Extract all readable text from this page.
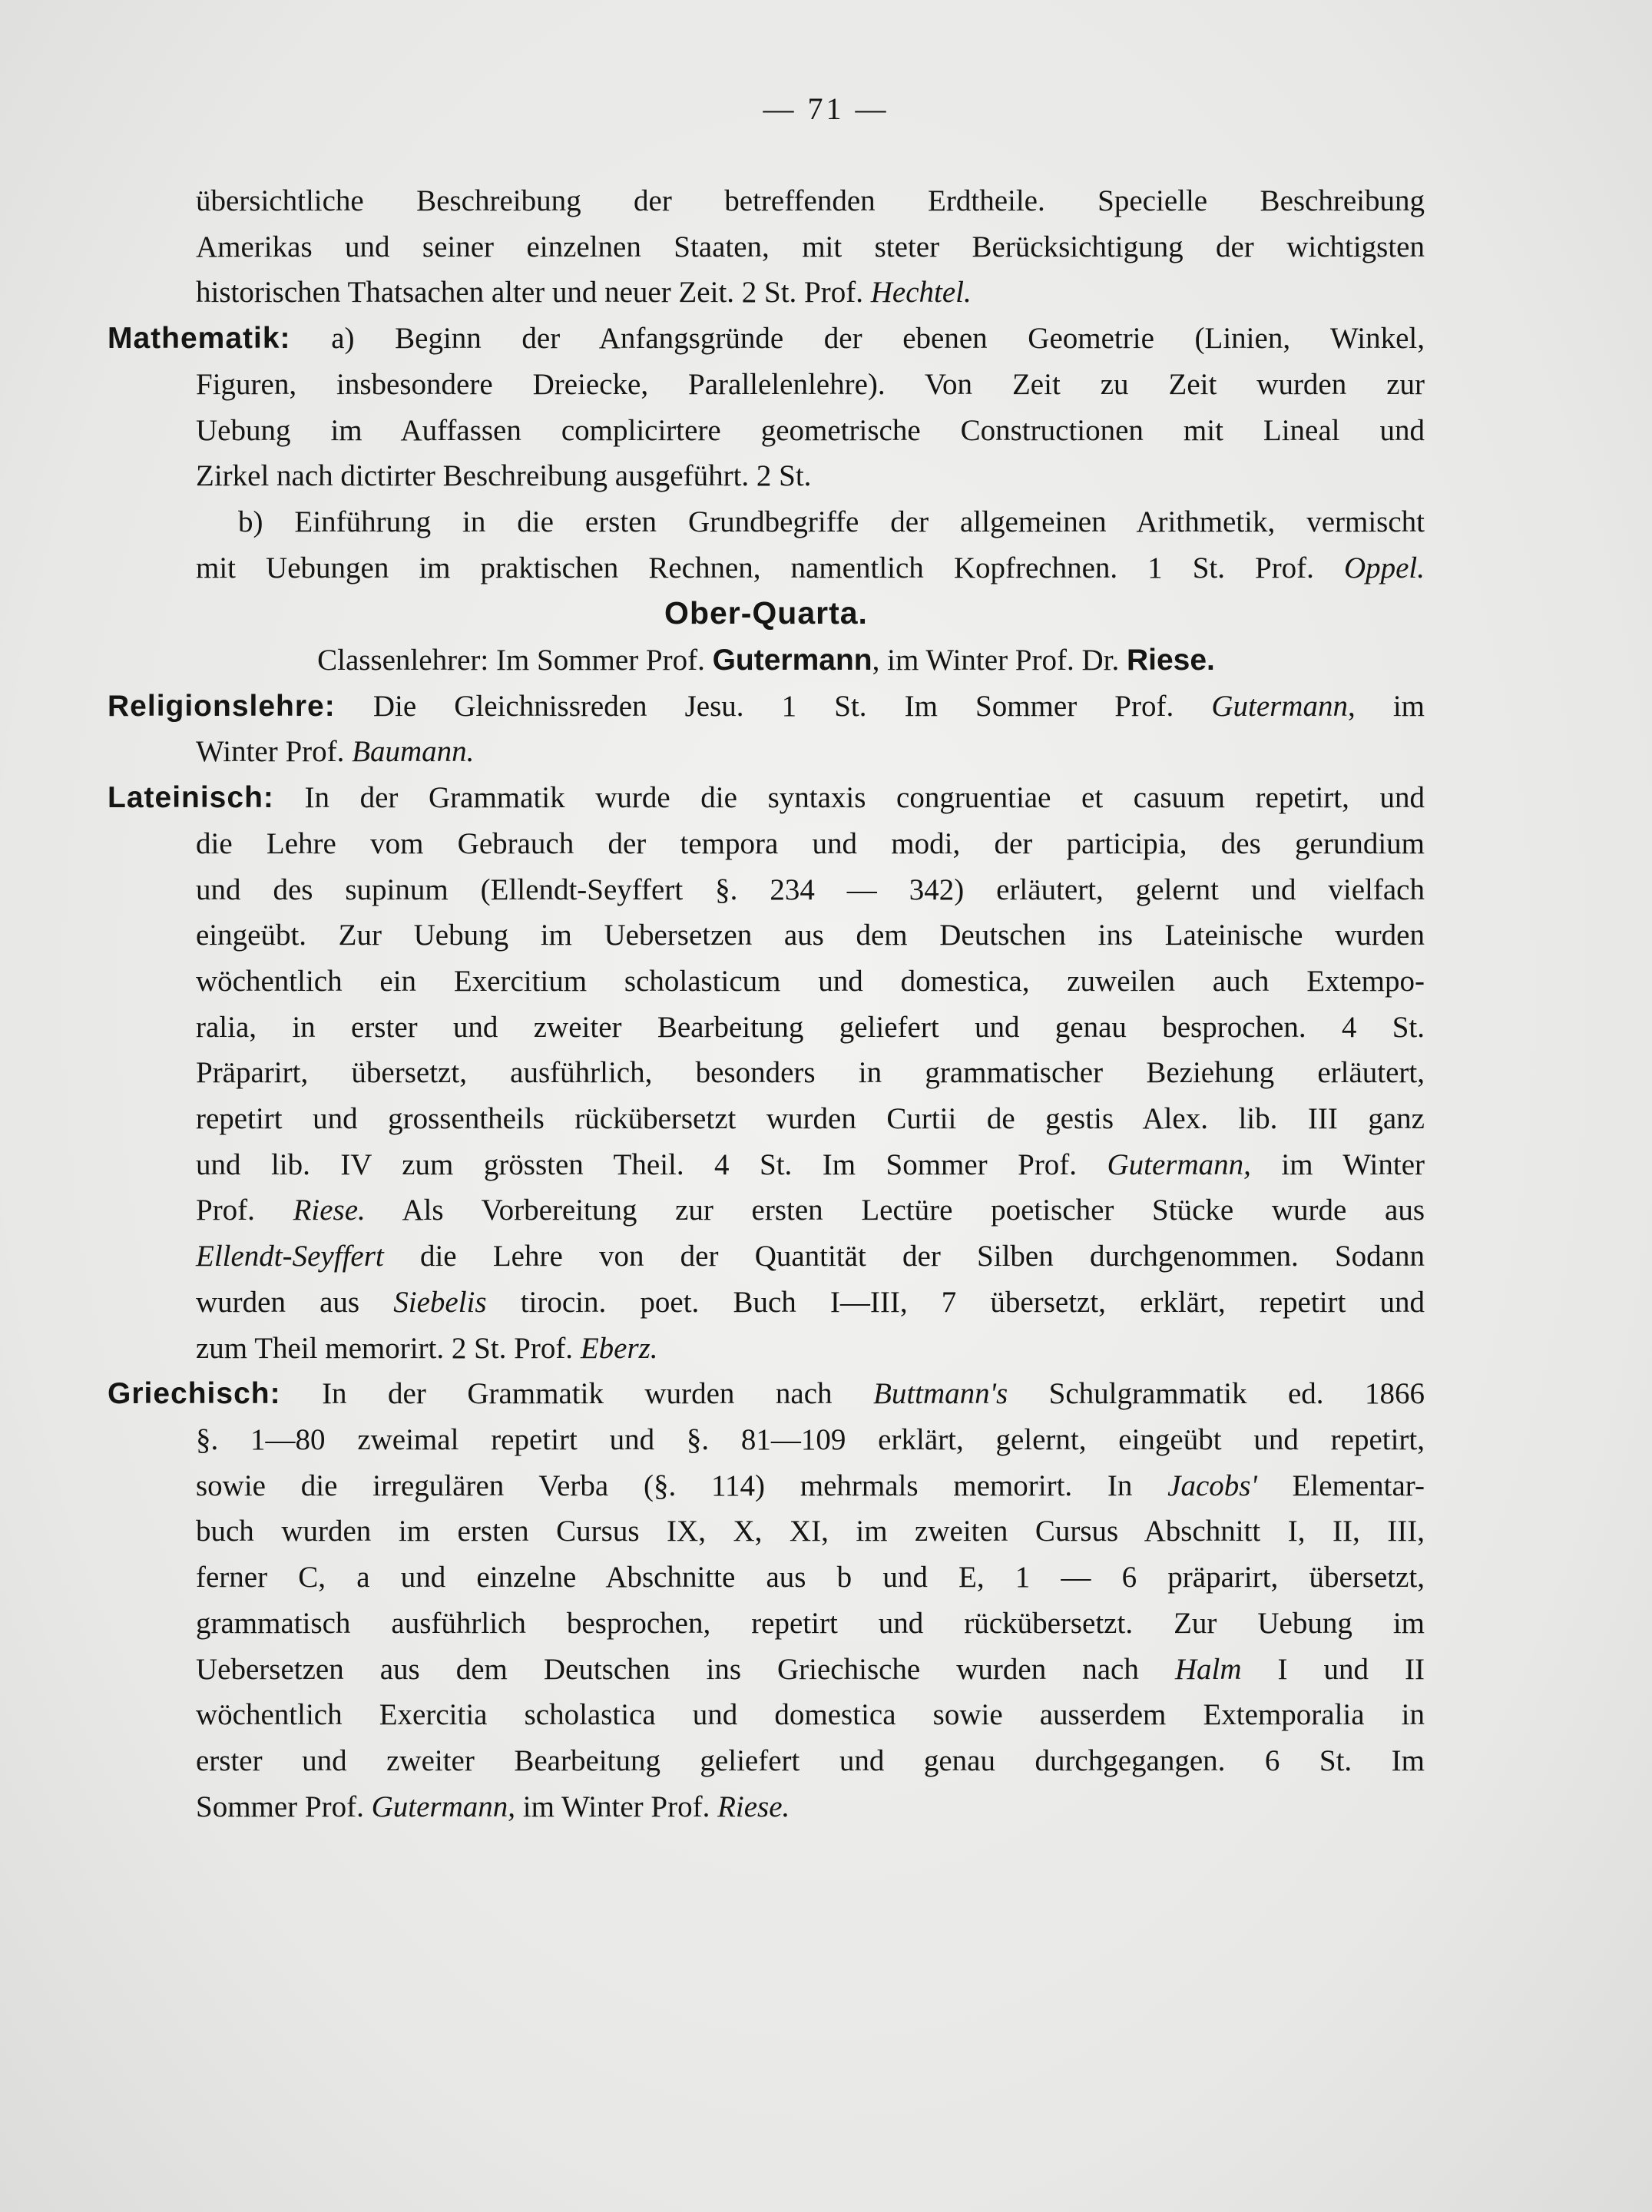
— 71 —
übersichtliche Beschreibung der betreffenden Erdtheile. Specielle Beschreibung
Amerikas und seiner einzelnen Staaten, mit steter Berücksichtigung der wichtigsten
historischen Thatsachen alter und neuer Zeit. 2 St. Prof. Hechtel.
Mathematik: a) Beginn der Anfangsgründe der ebenen Geometrie (Linien, Winkel,
Figuren, insbesondere Dreiecke, Parallelenlehre). Von Zeit zu Zeit wurden zur
Uebung im Auffassen complicirtere geometrische Constructionen mit Lineal und
Zirkel nach dictirter Beschreibung ausgeführt. 2 St.
b) Einführung in die ersten Grundbegriffe der allgemeinen Arithmetik, vermischt
mit Uebungen im praktischen Rechnen, namentlich Kopfrechnen. 1 St. Prof. Oppel.
Ober-Quarta.
Classenlehrer: Im Sommer Prof. Gutermann, im Winter Prof. Dr. Riese.
Religionslehre: Die Gleichnissreden Jesu. 1 St. Im Sommer Prof. Gutermann, im
Winter Prof. Baumann.
Lateinisch: In der Grammatik wurde die syntaxis congruentiae et casuum repetirt, und
die Lehre vom Gebrauch der tempora und modi, der participia, des gerundium
und des supinum (Ellendt-Seyffert §. 234 — 342) erläutert, gelernt und vielfach
eingeübt. Zur Uebung im Uebersetzen aus dem Deutschen ins Lateinische wurden
wöchentlich ein Exercitium scholasticum und domestica, zuweilen auch Extempo-
ralia, in erster und zweiter Bearbeitung geliefert und genau besprochen. 4 St.
Präparirt, übersetzt, ausführlich, besonders in grammatischer Beziehung erläutert,
repetirt und grossentheils rückübersetzt wurden Curtii de gestis Alex. lib. III ganz
und lib. IV zum grössten Theil. 4 St. Im Sommer Prof. Gutermann, im Winter
Prof. Riese. Als Vorbereitung zur ersten Lectüre poetischer Stücke wurde aus
Ellendt-Seyffert die Lehre von der Quantität der Silben durchgenommen. Sodann
wurden aus Siebelis tirocin. poet. Buch I—III, 7 übersetzt, erklärt, repetirt und
zum Theil memorirt. 2 St. Prof. Eberz.
Griechisch: In der Grammatik wurden nach Buttmann's Schulgrammatik ed. 1866
§. 1—80 zweimal repetirt und §. 81—109 erklärt, gelernt, eingeübt und repetirt,
sowie die irregulären Verba (§. 114) mehrmals memorirt. In Jacobs' Elementar-
buch wurden im ersten Cursus IX, X, XI, im zweiten Cursus Abschnitt I, II, III,
ferner C, a und einzelne Abschnitte aus b und E, 1 — 6 präparirt, übersetzt,
grammatisch ausführlich besprochen, repetirt und rückübersetzt. Zur Uebung im
Uebersetzen aus dem Deutschen ins Griechische wurden nach Halm I und II
wöchentlich Exercitia scholastica und domestica sowie ausserdem Extemporalia in
erster und zweiter Bearbeitung geliefert und genau durchgegangen. 6 St. Im
Sommer Prof. Gutermann, im Winter Prof. Riese.
